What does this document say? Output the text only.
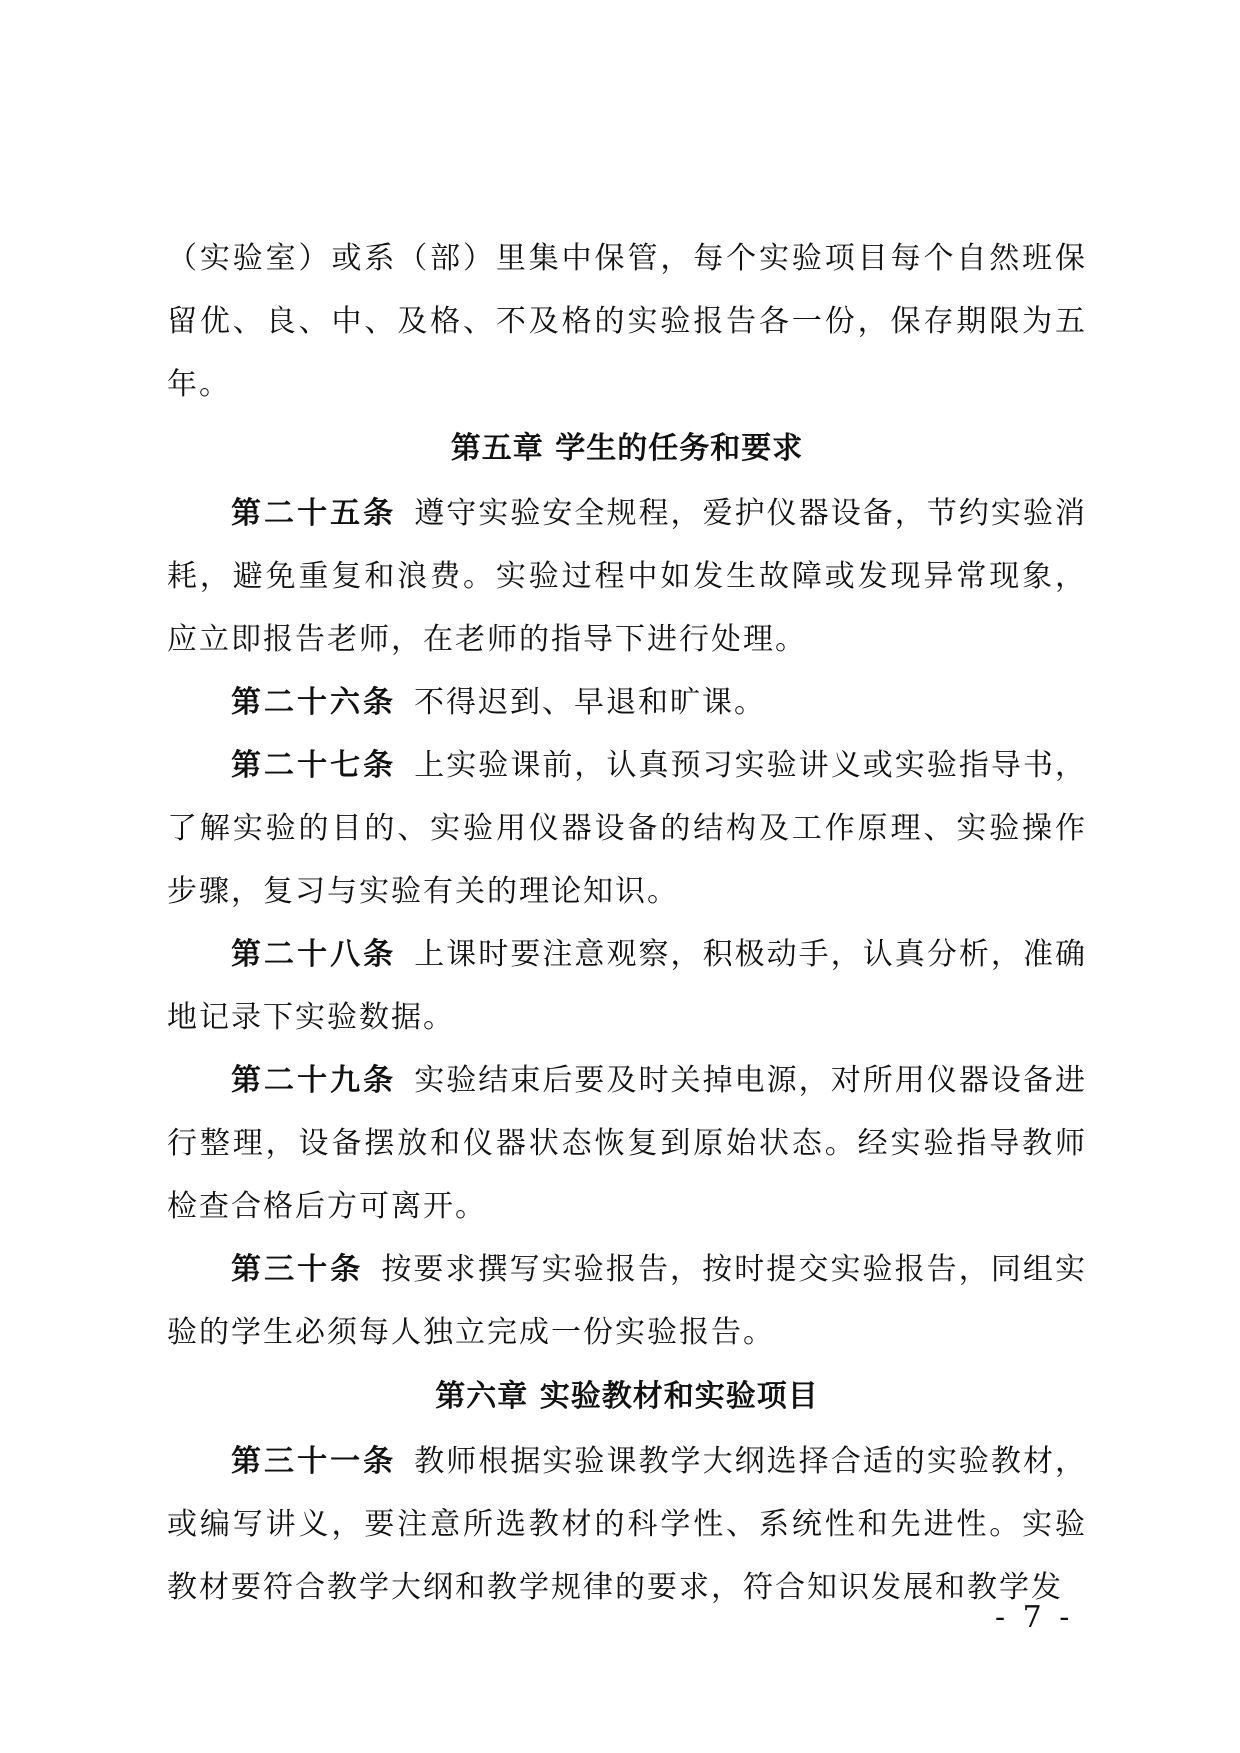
（实验室）或系（部）里集中保管，每个实验项目每个自然班保留优、良、中、及格、不及格的实验报告各一份，保存期限为五年。

第五章 学生的任务和要求

第二十五条 遵守实验安全规程，爱护仪器设备，节约实验消耗，避免重复和浪费。实验过程中如发生故障或发现异常现象，应立即报告老师，在老师的指导下进行处理。

第二十六条 不得迟到、早退和旷课。

第二十七条 上实验课前，认真预习实验讲义或实验指导书，了解实验的目的、实验用仪器设备的结构及工作原理、实验操作步骤，复习与实验有关的理论知识。

第二十八条 上课时要注意观察，积极动手，认真分析，准确地记录下实验数据。

第二十九条 实验结束后要及时关掉电源，对所用仪器设备进行整理，设备摆放和仪器状态恢复到原始状态。经实验指导教师检查合格后方可离开。

第三十条 按要求撰写实验报告，按时提交实验报告，同组实验的学生必须每人独立完成一份实验报告。

第六章 实验教材和实验项目

第三十一条 教师根据实验课教学大纲选择合适的实验教材，或编写讲义，要注意所选教材的科学性、系统性和先进性。实验教材要符合教学大纲和教学规律的要求，符合知识发展和教学发

- 7 -
